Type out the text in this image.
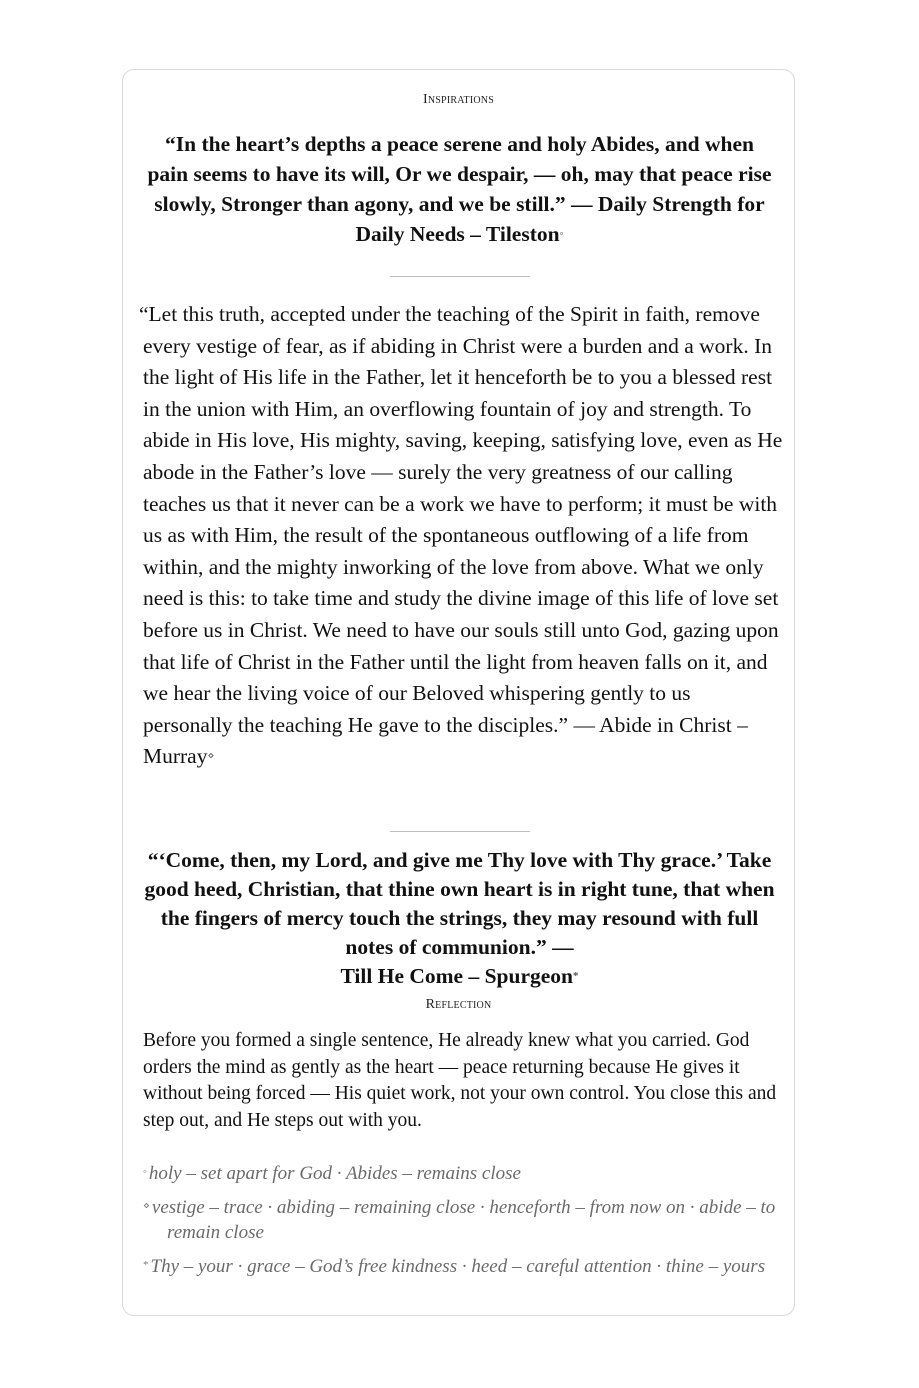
Inspirations
“In the heart’s depths a peace serene and holy Abides, and when pain seems to have its will, Or we despair, — oh, may that peace rise slowly, Stronger than agony, and we be still.” — Daily Strength for Daily Needs – Tileston◦
“Let this truth, accepted under the teaching of the Spirit in faith, remove every vestige of fear, as if abiding in Christ were a burden and a work. In the light of His life in the Father, let it henceforth be to you a blessed rest in the union with Him, an overflowing fountain of joy and strength. To abide in His love, His mighty, saving, keeping, satisfying love, even as He abode in the Father’s love — surely the very greatness of our calling teaches us that it never can be a work we have to perform; it must be with us as with Him, the result of the spontaneous outflowing of a life from within, and the mighty inworking of the love from above. What we only need is this: to take time and study the divine image of this life of love set before us in Christ. We need to have our souls still unto God, gazing upon that life of Christ in the Father until the light from heaven falls on it, and we hear the living voice of our Beloved whispering gently to us personally the teaching He gave to the disciples.” — Abide in Christ – Murray⋄
“‘Come, then, my Lord, and give me Thy love with Thy grace.’ Take good heed, Christian, that thine own heart is in right tune, that when the fingers of mercy touch the strings, they may resound with full notes of communion.” —
Till He Come – Spurgeon*
Reflection
Before you formed a single sentence, He already knew what you carried. God orders the mind as gently as the heart — peace returning because He gives it without being forced — His quiet work, not your own control. You close this and step out, and He steps out with you.
◦ holy – set apart for God · Abides – remains close
⋄ vestige – trace · abiding – remaining close · henceforth – from now on · abide – to remain close
* Thy – your · grace – God’s free kindness · heed – careful attention · thine – yours
